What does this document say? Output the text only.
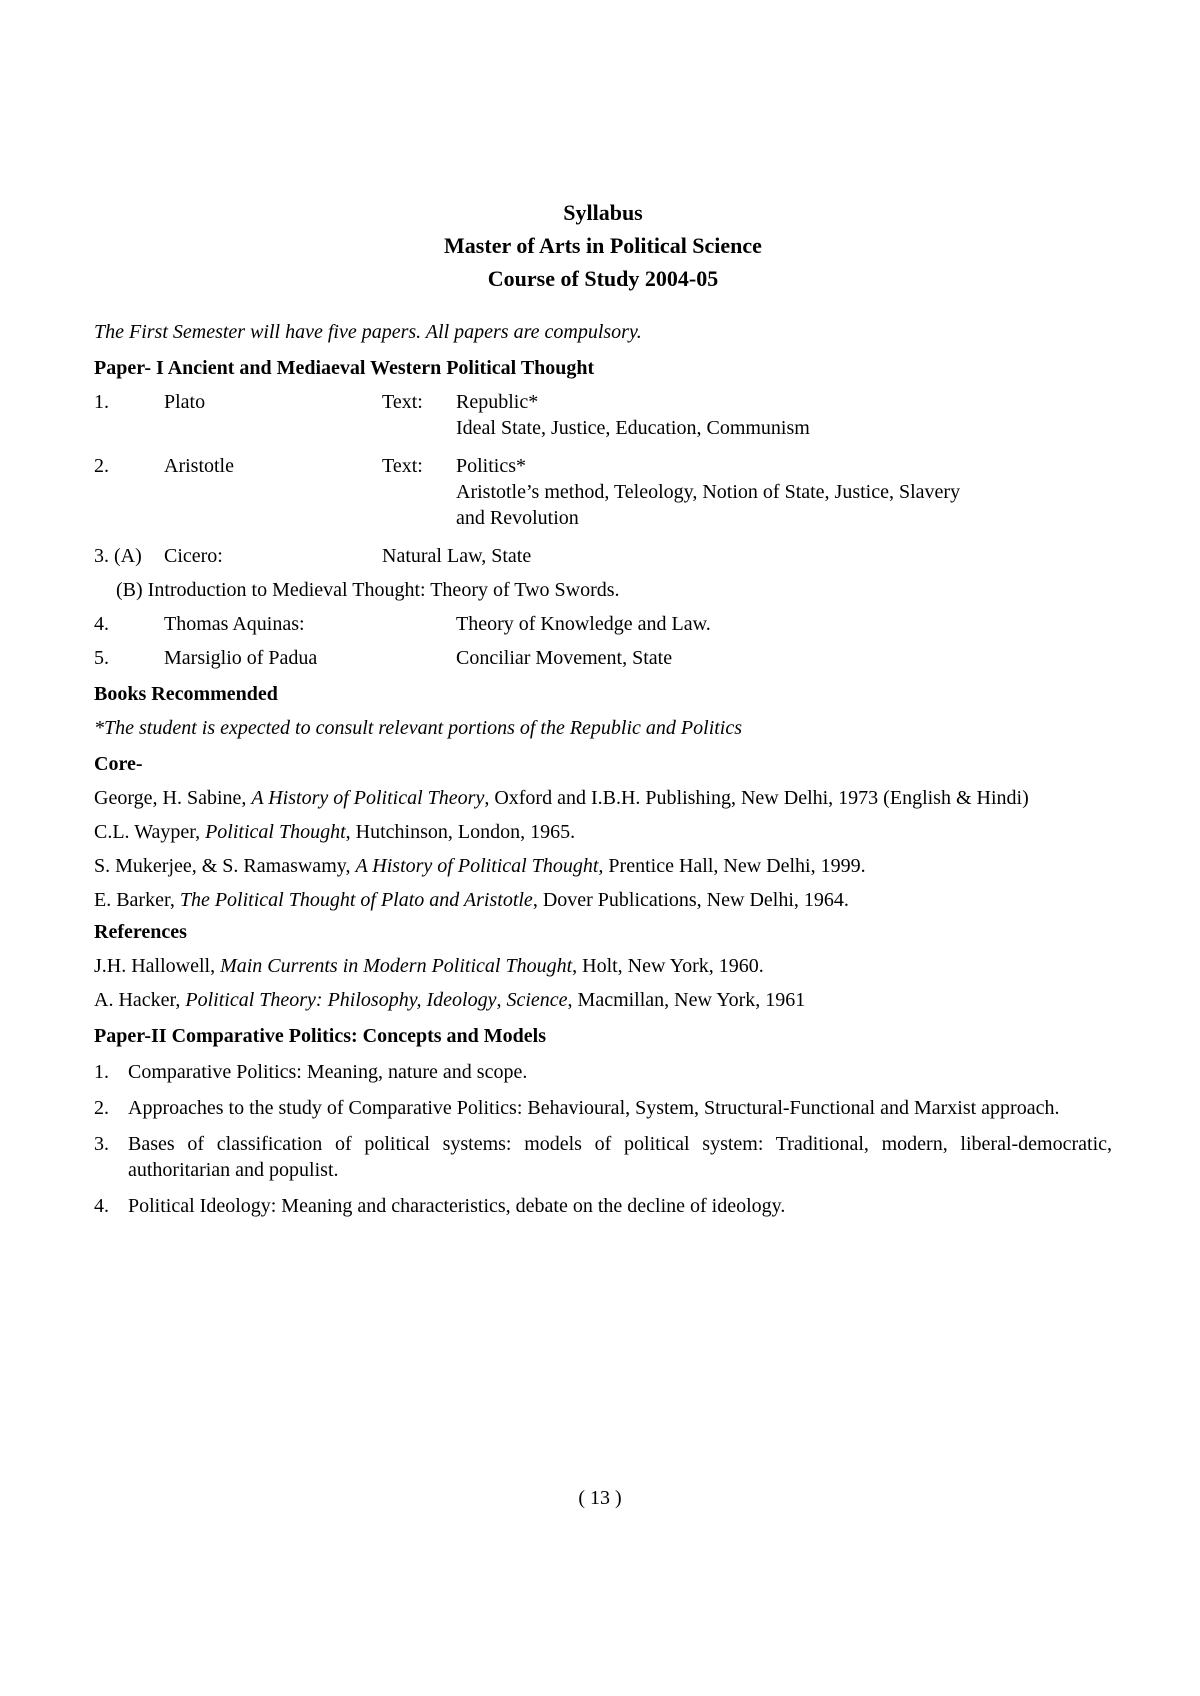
Syllabus
Master of Arts in Political Science
Course of Study 2004-05
The First Semester will have five papers. All papers are compulsory.
Paper- I Ancient and Mediaeval Western Political Thought
1.	Plato	Text: Republic*
Ideal State, Justice, Education, Communism
2.	Aristotle	Text: Politics*
Aristotle’s method, Teleology, Notion of State, Justice, Slavery
and Revolution
3. (A) Cicero:	Natural Law, State
(B) Introduction to Medieval Thought: Theory of Two Swords.
4.	Thomas Aquinas:	Theory of Knowledge and Law.
5.	Marsiglio of Padua	Conciliar Movement, State
Books Recommended
*The student is expected to consult relevant portions of the Republic and Politics
Core-
George, H. Sabine, A History of Political Theory, Oxford and I.B.H. Publishing, New Delhi, 1973 (English & Hindi)
C.L. Wayper, Political Thought, Hutchinson, London, 1965.
S. Mukerjee, & S. Ramaswamy, A History of Political Thought, Prentice Hall, New Delhi, 1999.
E. Barker, The Political Thought of Plato and Aristotle, Dover Publications, New Delhi, 1964.
References
J.H. Hallowell, Main Currents in Modern Political Thought, Holt, New York, 1960.
A. Hacker, Political Theory: Philosophy, Ideology, Science, Macmillan, New York, 1961
Paper-II Comparative Politics: Concepts and Models
1. Comparative Politics: Meaning, nature and scope.
2. Approaches to the study of Comparative Politics: Behavioural, System, Structural-Functional and Marxist approach.
3. Bases of classification of political systems: models of political system: Traditional, modern, liberal-democratic, authoritarian and populist.
4. Political Ideology: Meaning and characteristics, debate on the decline of ideology.
( 13 )
